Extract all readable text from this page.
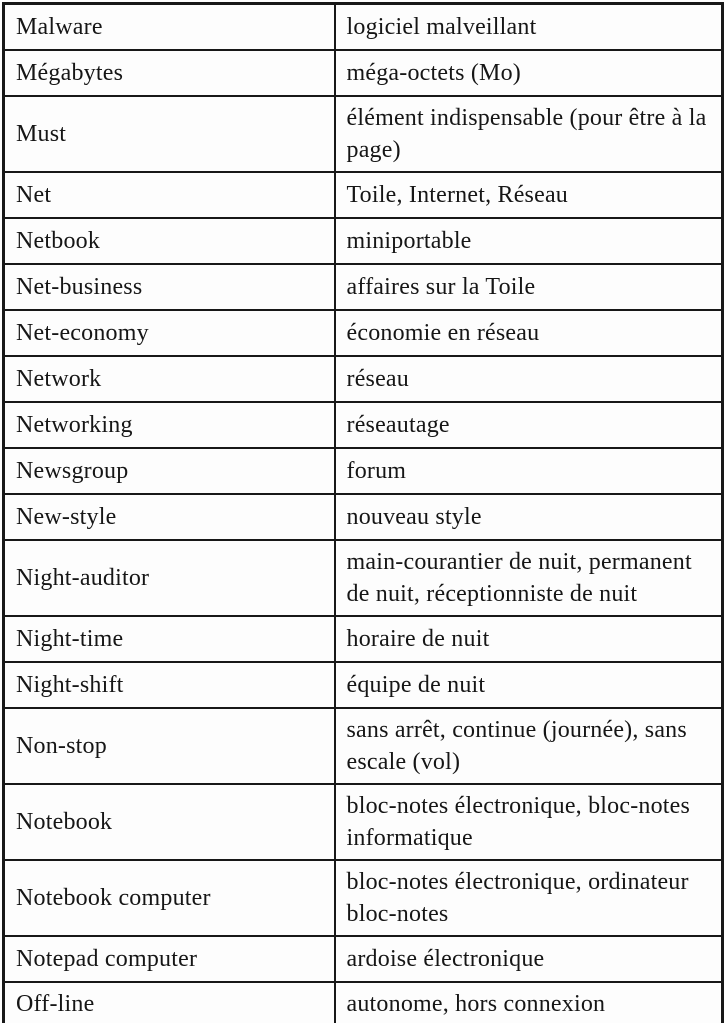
Malware	logiciel malveillant
Mégabytes	méga-octets (Mo)
Must	élément indispensable (pour être à la page)
Net	Toile, Internet, Réseau
Netbook	miniportable
Net-business	affaires sur la Toile
Net-economy	économie en réseau
Network	réseau
Networking	réseautage
Newsgroup	forum
New-style	nouveau style
Night-auditor	main-courantier de nuit, permanent de nuit, réceptionniste de nuit
Night-time	horaire de nuit
Night-shift	équipe de nuit
Non-stop	sans arrêt, continue (journée), sans escale (vol)
Notebook	bloc-notes électronique, bloc-notes informatique
Notebook computer	bloc-notes électronique, ordinateur bloc-notes
Notepad computer	ardoise électronique
Off-line	autonome, hors connexion
